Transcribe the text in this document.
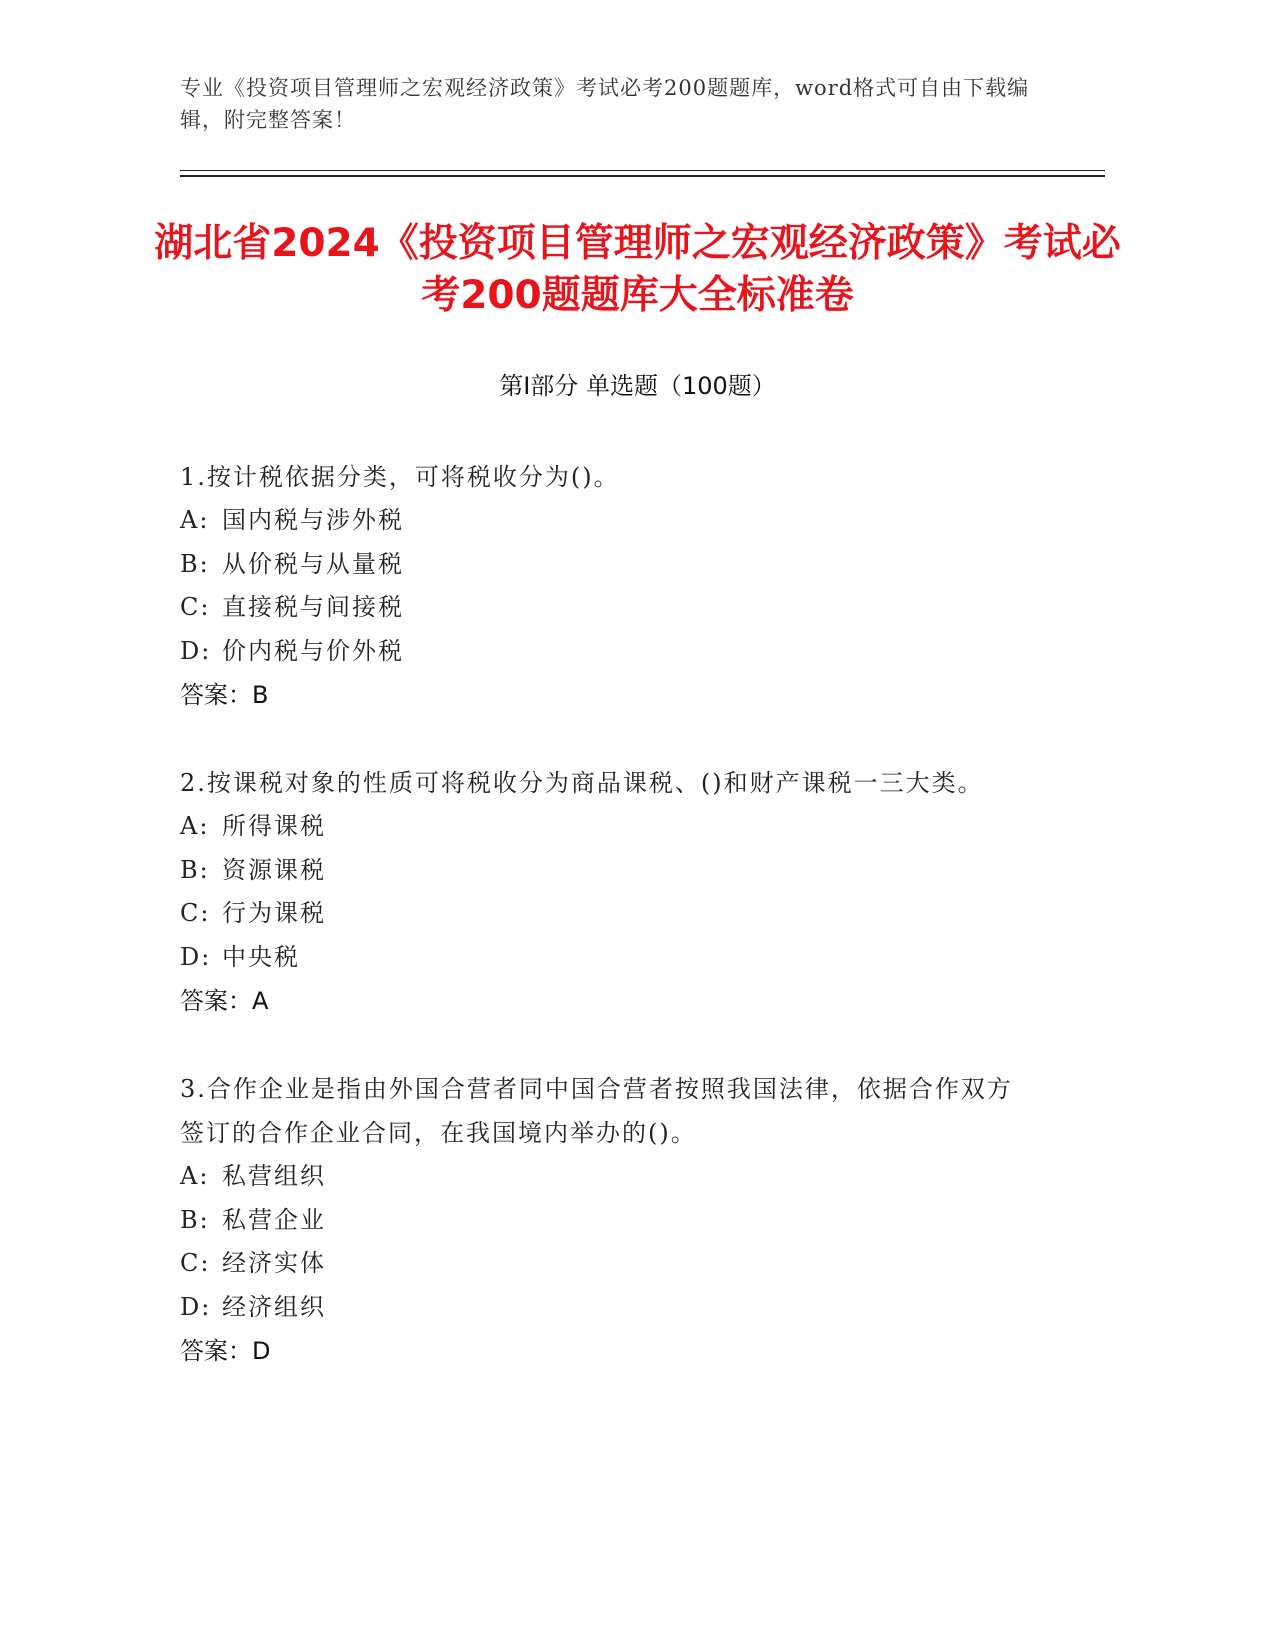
专业《投资项目管理师之宏观经济政策》考试必考200题题库，word格式可自由下载编辑，附完整答案！
湖北省2024《投资项目管理师之宏观经济政策》考试必考200题题库大全标准卷
第I部分 单选题（100题）
1.按计税依据分类，可将税收分为()。
A: 国内税与涉外税
B: 从价税与从量税
C: 直接税与间接税
D: 价内税与价外税
答案：B
2.按课税对象的性质可将税收分为商品课税、()和财产课税一三大类。
A: 所得课税
B: 资源课税
C: 行为课税
D: 中央税
答案：A
3.合作企业是指由外国合营者同中国合营者按照我国法律，依据合作双方签订的合作企业合同，在我国境内举办的()。
A: 私营组织
B: 私营企业
C: 经济实体
D: 经济组织
答案：D
